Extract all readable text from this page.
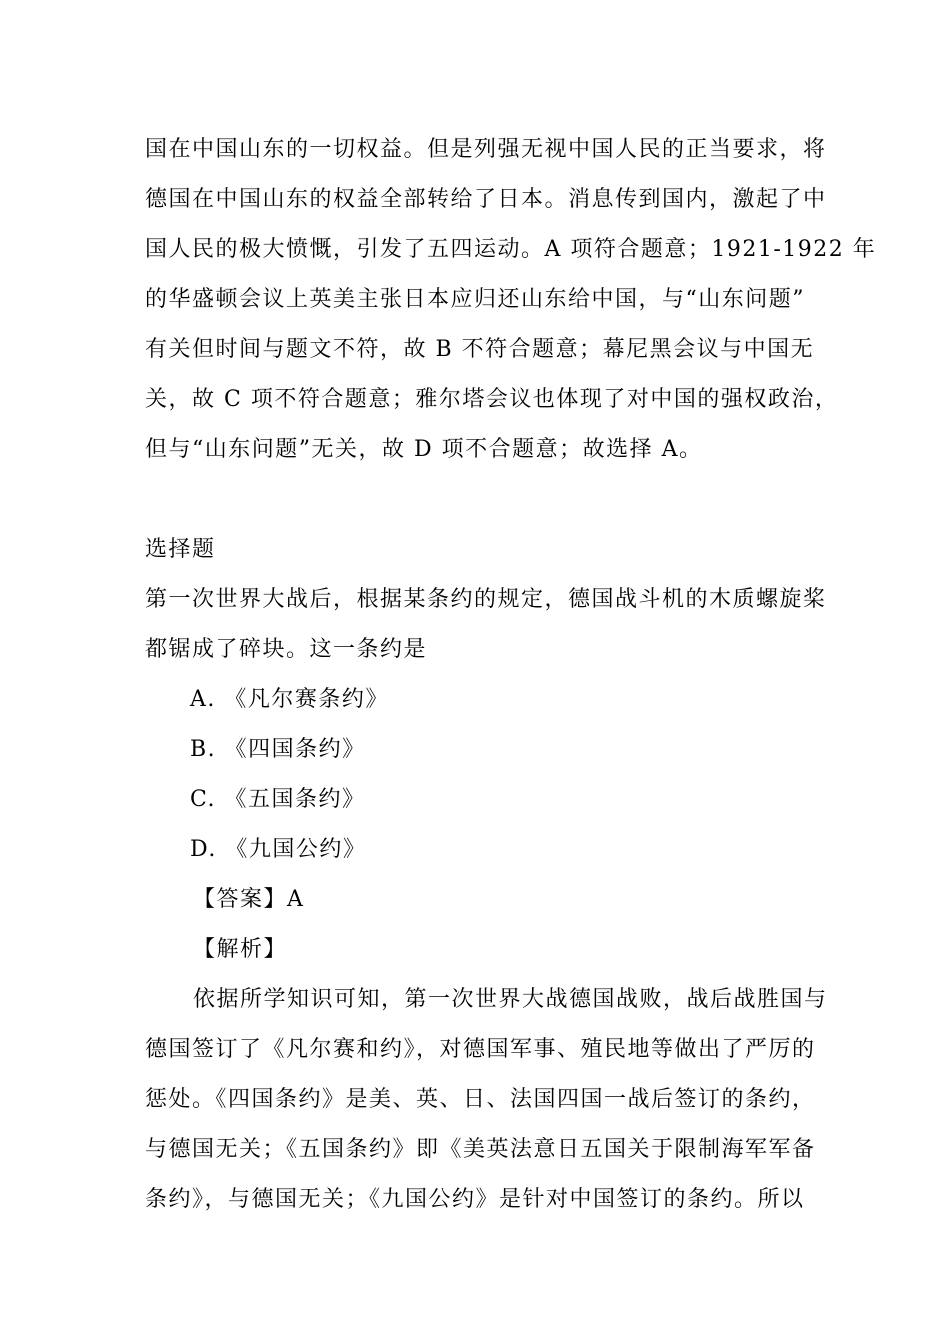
国在中国山东的一切权益。但是列强无视中国人民的正当要求，将
德国在中国山东的权益全部转给了日本。消息传到国内，激起了中
国人民的极大愤慨，引发了五四运动。A 项符合题意；1921-1922 年
的华盛顿会议上英美主张日本应归还山东给中国，与“山东问题”
有关但时间与题文不符，故 B 不符合题意；幕尼黑会议与中国无
关，故 C 项不符合题意；雅尔塔会议也体现了对中国的强权政治，
但与“山东问题”无关，故 D 项不合题意；故选择 A。
选择题
第一次世界大战后，根据某条约的规定，德国战斗机的木质螺旋桨
都锯成了碎块。这一条约是
A. 《凡尔赛条约》
B. 《四国条约》
C. 《五国条约》
D. 《九国公约》
【答案】A
【解析】
依据所学知识可知，第一次世界大战德国战败，战后战胜国与
德国签订了《凡尔赛和约》，对德国军事、殖民地等做出了严厉的
惩处。《四国条约》是美、英、日、法国四国一战后签订的条约，
与德国无关；《五国条约》即《美英法意日五国关于限制海军军备
条约》，与德国无关；《九国公约》是针对中国签订的条约。所以
